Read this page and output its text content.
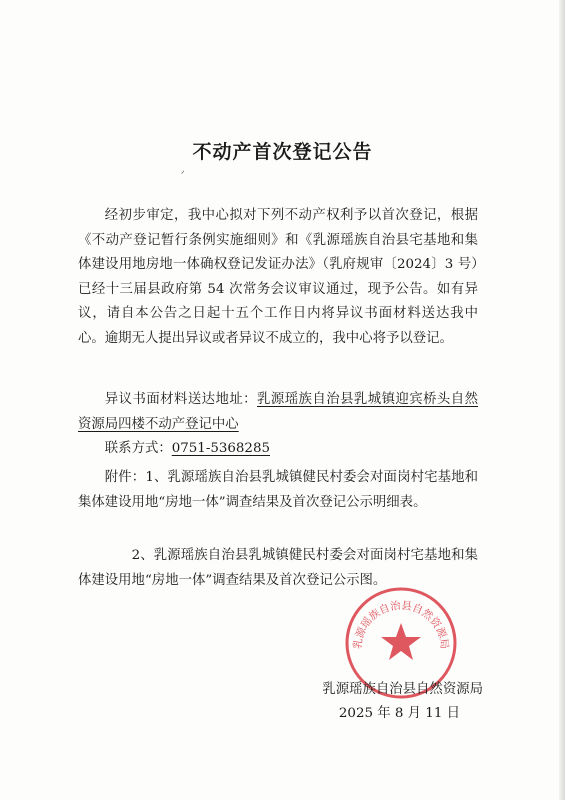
不动产首次登记公告
ᐟ
经初步审定，我中心拟对下列不动产权利予以首次登记，根据《不动产登记暂行条例实施细则》和《乳源瑶族自治县宅基地和集体建设用地房地一体确权登记发证办法》（乳府规审〔2024〕3 号）已经十三届县政府第 54 次常务会议审议通过，现予公告。如有异议，请自本公告之日起十五个工作日内将异议书面材料送达我中心。逾期无人提出异议或者异议不成立的，我中心将予以登记。
异议书面材料送达地址：乳源瑶族自治县乳城镇迎宾桥头自然资源局四楼不动产登记中心
联系方式：0751-5368285
附件：1、乳源瑶族自治县乳城镇健民村委会对面岗村宅基地和集体建设用地“房地一体”调查结果及首次登记公示明细表。
2、乳源瑶族自治县乳城镇健民村委会对面岗村宅基地和集体建设用地“房地一体”调查结果及首次登记公示图。
乳源瑶族自治县自然资源局
乳源瑶族自治县自然资源局
2025 年 8 月 11 日
